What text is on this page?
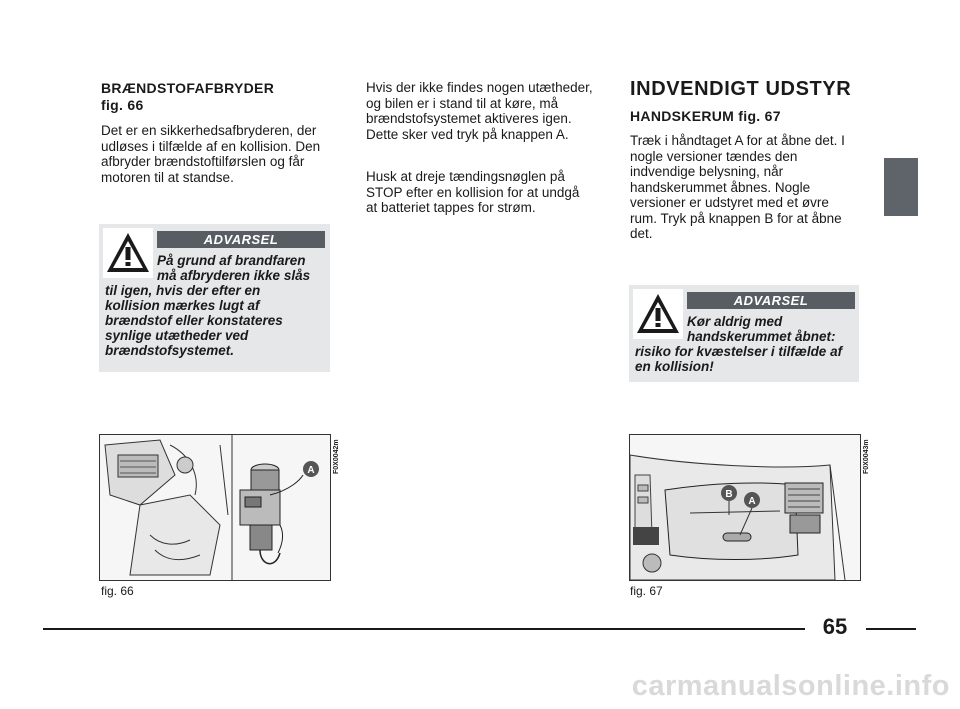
BRÆNDSTOFAFBRYDER
fig. 66
Det er en sikkerhedsafbryderen, der udløses i tilfælde af en kollision. Den afbryder brændstoftilførslen og får motoren til at standse.
ADVARSEL
På grund af brandfaren
må afbryderen ikke slås
til igen, hvis der efter en
kollision mærkes lugt af
brændstof eller konstateres
synlige utætheder ved
brændstofsystemet.
A	F0X0042m
fig. 66
Hvis der ikke findes nogen utætheder, og bilen er i stand til at køre, må brændstofsystemet aktiveres igen. Dette sker ved tryk på knappen A.
Husk at dreje tændingsnøglen på STOP efter en kollision for at undgå at batteriet tappes for strøm.
INDVENDIGT UDSTYR
HANDSKERUM fig. 67
Træk i håndtaget A for at åbne det. I nogle versioner tændes den indvendige belysning, når handskerummet åbnes. Nogle versioner er udstyret med et øvre rum. Tryk på knappen B for at åbne det.
ADVARSEL
Kør aldrig med
handskerummet åbnet:
risiko for kvæstelser i tilfælde af
en kollision!
B
A
F0X0043m
fig. 67
65
carmanualsonline.info
